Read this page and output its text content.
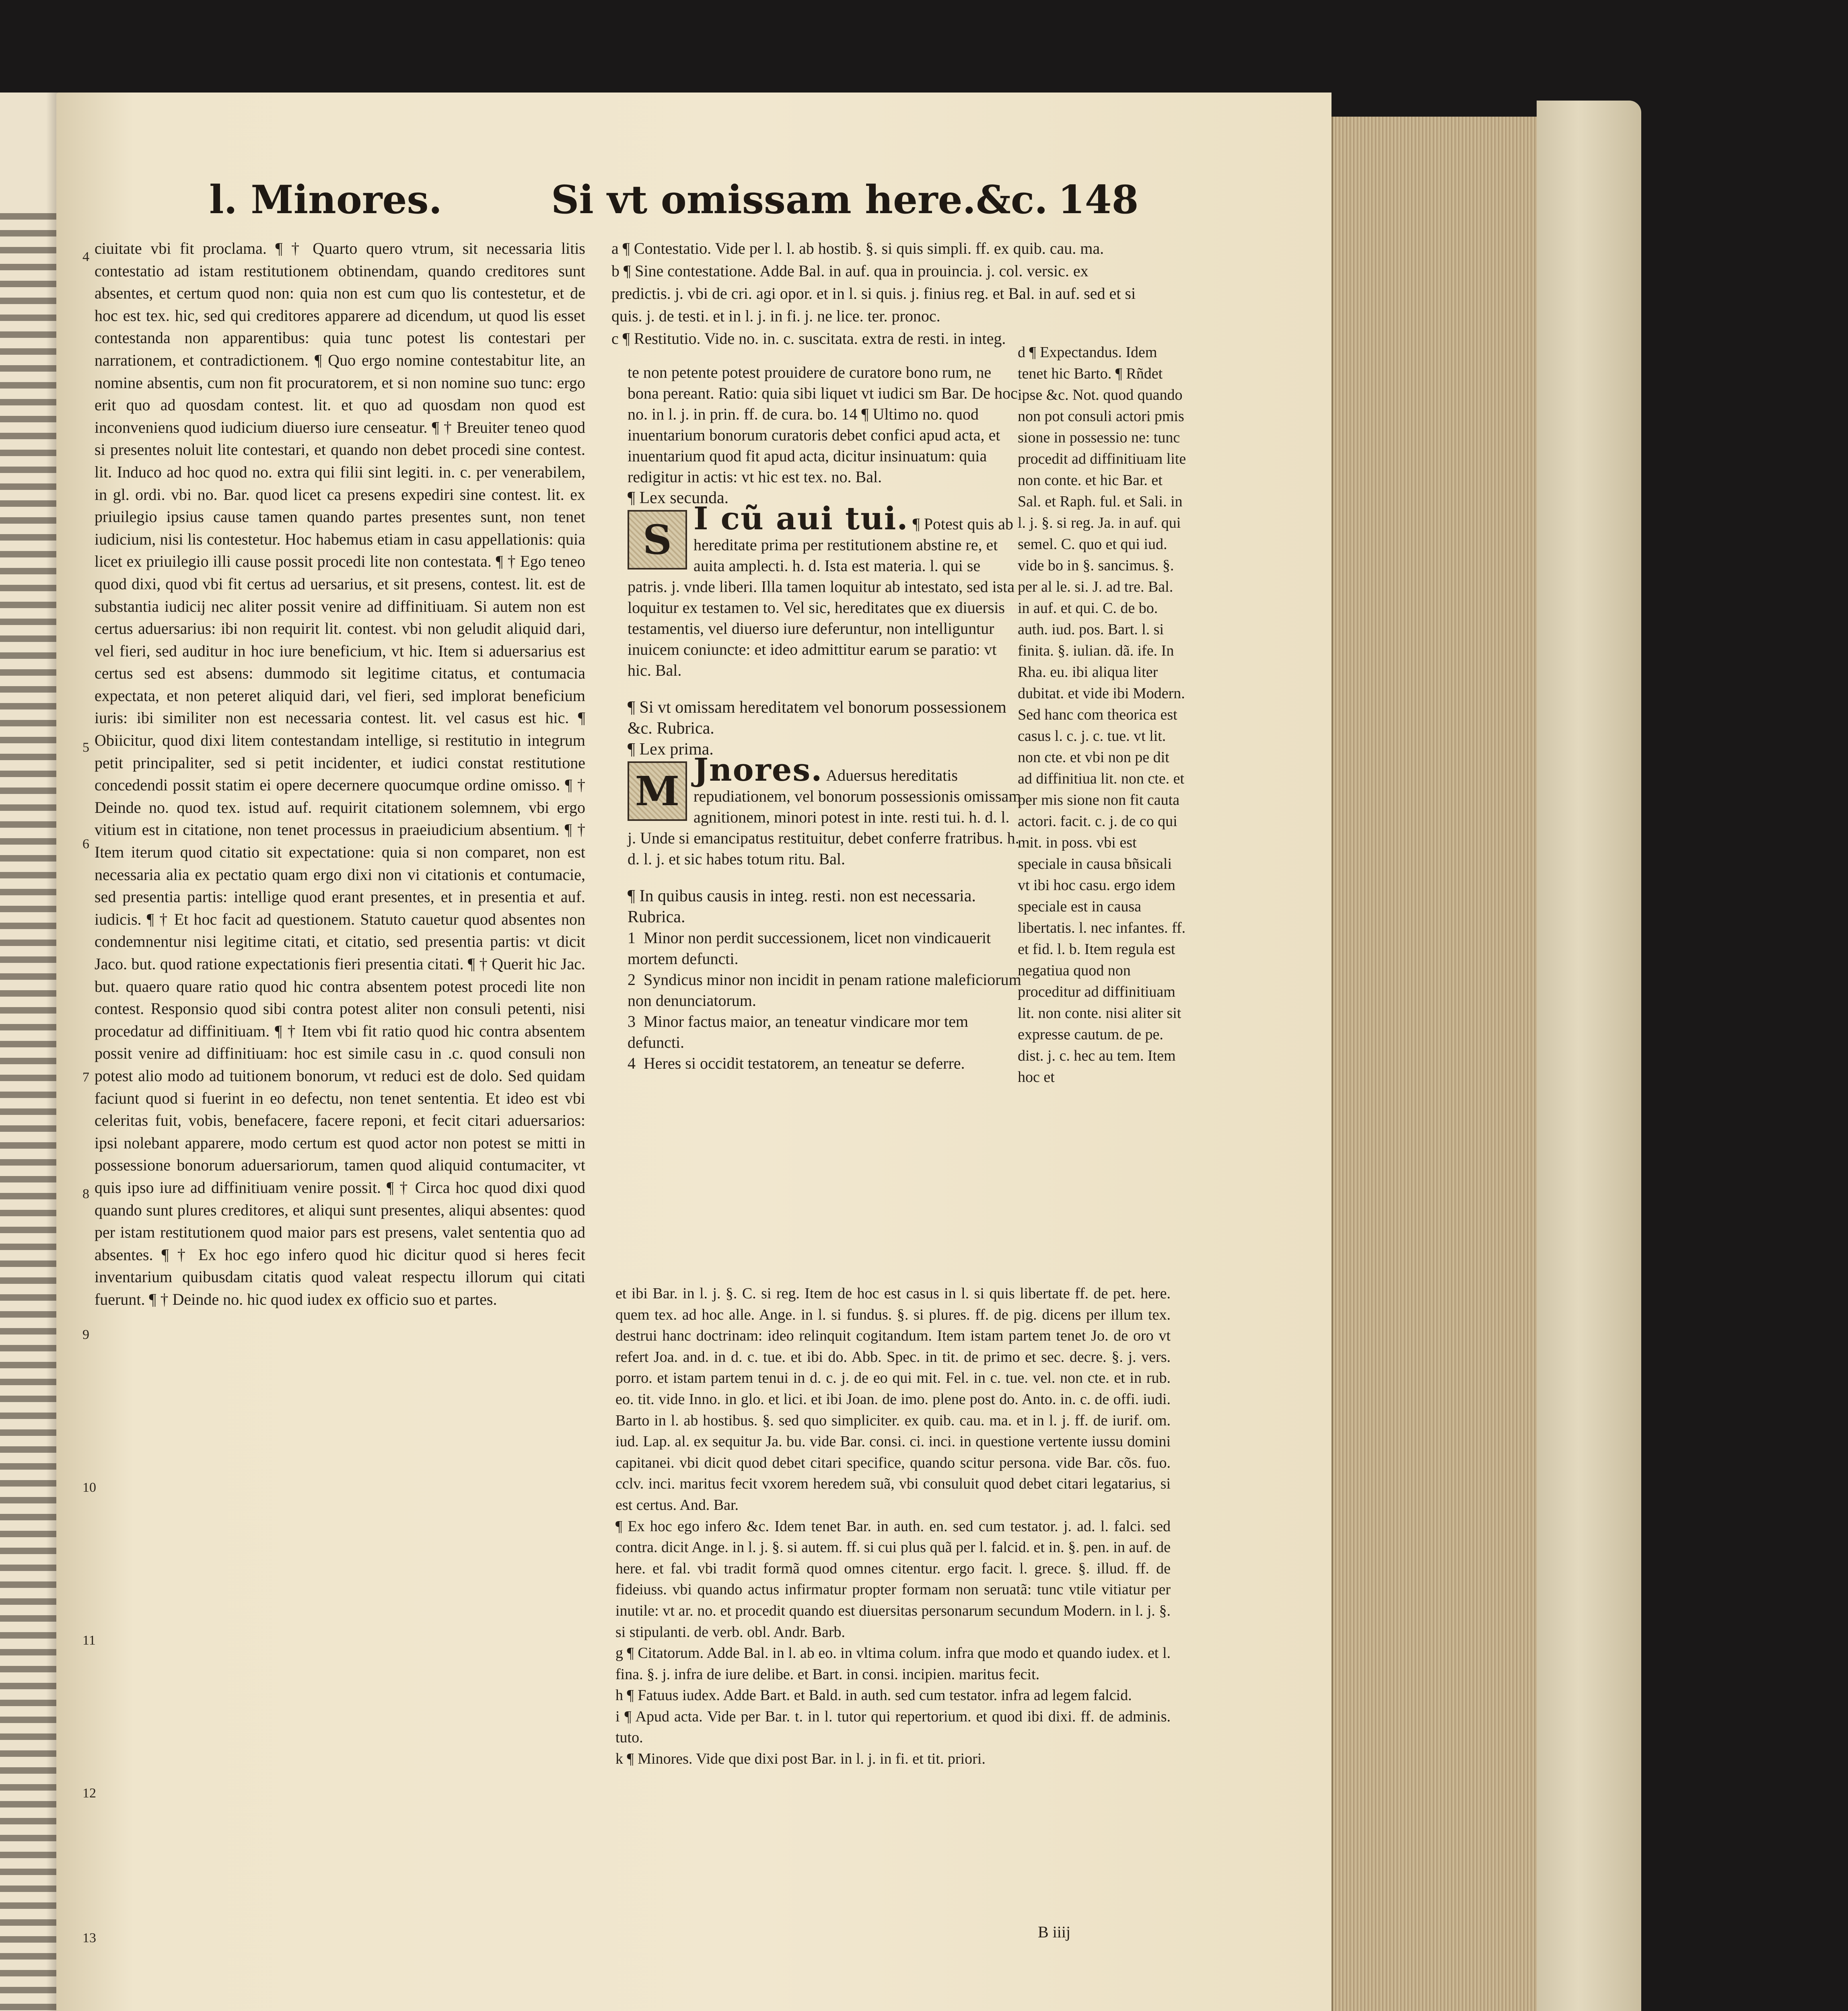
l. Minores.	Si vt omissam here.&c. 148

ciuitate vbi fit proclama. ¶ † Quarto quero vtrum, sit necessaria litis contestatio ad istam restitutionem obtinendam, quando creditores sunt absentes, et certum quod non: quia non est cum quo lis contestetur, et de hoc est tex. hic, sed qui creditores apparere ad dicendum, ut quod lis esset contestanda non apparentibus: quia tunc potest lis contestari per narrationem, et contradictionem. ¶ Quo ergo nomine contestabitur lite, an nomine absentis, cum non fit procuratorem, et si non nomine suo tunc: ergo erit quo ad quosdam contest. lit. et quo ad quosdam non quod est inconveniens quod iudicium diuerso iure censeatur. ¶ † Breuiter teneo quod si presentes noluit lite contestari, et quando non debet procedi sine contest. lit. Induco ad hoc quod no. extra qui filii sint legiti. in. c. per venerabilem, in gl. ordi. vbi no. Bar. quod licet ca presens expediri sine contest. lit. ex priuilegio ipsius cause tamen quando partes presentes sunt, non tenet iudicium, nisi lis contestetur. Hoc habemus etiam in casu appellationis: quia licet ex priuilegio illi cause possit procedi lite non contestata. ¶ † Ego teneo quod dixi, quod vbi fit certus ad uersarius, et sit presens, contest. lit. est de substantia iudicij nec aliter possit venire ad diffinitiuam. Si autem non est certus aduersarius: ibi non requirit lit. contest. vbi non geludit aliquid dari, vel fieri, sed auditur in hoc iure beneficium, vt hic. Item si aduersarius est certus sed est absens: dummodo sit legitime citatus, et contumacia expectata, et non peteret aliquid dari, vel fieri, sed implorat beneficium iuris: ibi similiter non est necessaria contest. lit. vel casus est hic. ¶ Obiicitur, quod dixi litem contestandam intellige, si restitutio in integrum petit principaliter, sed si petit incidenter, et iudici constat restitutione concedendi possit statim ei opere decernere quocumque ordine omisso. ¶ † Deinde no. quod tex. istud auf. requirit citationem solemnem, vbi ergo vitium est in citatione, non tenet processus in praeiudicium absentium. ¶ † Item iterum quod citatio sit expectatione: quia si non comparet, non est necessaria alia ex pectatio quam ergo dixi non vi citationis et contumacie, sed presentia partis: intellige quod erant presentes, et in presentia et auf. iudicis. ¶ † Et hoc facit ad questionem. Statuto cauetur quod absentes non condemnentur nisi legitime citati, et citatio, sed presentia partis: vt dicit Jaco. but. quod ratione expectationis fieri presentia citati. ¶ † Querit hic Jac. but. quaero quare ratio quod hic contra absentem potest procedi lite non contest. Responsio quod sibi contra potest aliter non consuli petenti, nisi procedatur ad diffinitiuam. ¶ † Item vbi fit ratio quod hic contra absentem possit venire ad diffinitiuam: hoc est simile casu in .c. quod consuli non potest alio modo ad tuitionem bonorum, vt reduci est de dolo. Sed quidam faciunt quod si fuerint in eo defectu, non tenet sententia. Et ideo est vbi celeritas fuit, vobis, benefacere, facere reponi, et fecit citari aduersarios: ipsi nolebant apparere, modo certum est quod actor non potest se mitti in possessione bonorum aduersariorum, tamen quod aliquid contumaciter, vt quis ipso iure ad diffinitiuam venire possit. ¶ † Circa hoc quod dixi quod quando sunt plures creditores, et aliqui sunt presentes, aliqui absentes: quod per istam restitutionem quod maior pars est presens, valet sententia quo ad absentes. ¶ † Ex hoc ego infero quod hic dicitur quod si heres fecit inventarium quibusdam citatis quod valeat respectu illorum qui citati fuerunt. ¶ † Deinde no. hic quod iudex ex officio suo et partes.

4
5
6
7
8
9
10
11
12
13

a ¶ Contestatio. Vide per l. l. ab hostib. §. si quis simpli. ff. ex quib. cau. ma.

b ¶ Sine contestatione. Adde Bal. in auf. qua in prouincia. j. col. versic. ex predictis. j. vbi de cri. agi opor. et in l. si quis. j. finius reg. et Bal. in auf. sed et si quis. j. de testi. et in l. j. in fi. j. ne lice. ter. pronoc.

c ¶ Restitutio. Vide no. in. c. suscitata. extra de resti. in integ.

te non petente potest prouidere de curatore bono rum, ne bona pereant. Ratio: quia sibi liquet vt iudici sm Bar. De hoc no. in l. j. in prin. ff. de cura. bo. 14 ¶ Ultimo no. quod inuentarium bonorum curatoris debet confici apud acta, et inuentarium quod fit apud acta, dicitur insinuatum: quia redigitur in actis: vt hic est tex. no. Bal.

¶ Lex secunda.

S I cũ aui tui. ¶ Potest quis ab hereditate prima per restitutionem abstine re, et auita amplecti. h. d. Ista est materia. l. qui se patris. j. vnde liberi. Illa tamen loquitur ab intestato, sed ista loquitur ex testamen to. Vel sic, hereditates que ex diuersis testamentis, vel diuerso iure deferuntur, non intelliguntur inuicem coniuncte: et ideo admittitur earum se paratio: vt hic. Bal.

¶ Si vt omissam hereditatem vel bonorum possessionem &c. Rubrica.

¶ Lex prima.

M Jnores. Aduersus hereditatis repudiationem, vel bonorum possessionis omissam agnitionem, minori potest in inte. resti tui. h. d. l. j. Unde si emancipatus restituitur, debet conferre fratribus. h. d. l. j. et sic habes totum ritu. Bal.

¶ In quibus causis in integ. resti. non est necessaria. Rubrica.

1 Minor non perdit successionem, licet non vindicauerit mortem defuncti.

2 Syndicus minor non incidit in penam ratione maleficiorum non denunciatorum.

3 Minor factus maior, an teneatur vindicare mor tem defuncti.

4 Heres si occidit testatorem, an teneatur se deferre.

d ¶ Expectandus. Idem tenet hic Barto. ¶ Rñdet ipse &c. Not. quod quando non pot consuli actori pmis sione in possessio ne: tunc procedit ad diffinitiuam lite non conte. et hic Bar. et Sal. et Raph. ful. et Sali. in l. j. §. si reg. Ja. in auf. qui semel. C. quo et qui iud. vide bo in §. sancimus. §. per al le. si. J. ad tre. Bal. in auf. et qui. C. de bo. auth. iud. pos. Bart. l. si finita. §. iulian. dã. ife. In Rha. eu. ibi aliqua liter dubitat. et vide ibi Modern. Sed hanc com theorica est casus l. c. j. c. tue. vt lit. non cte. et vbi non pe dit ad diffinitiua lit. non cte. et per mis sione non fit cauta actori. facit. c. j. de co qui mit. in poss. vbi est speciale in causa bñsicali vt ibi hoc casu. ergo idem speciale est in causa libertatis. l. nec infantes. ff. et fid. l. b. Item regula est negatiua quod non proceditur ad diffinitiuam lit. non conte. nisi aliter sit expresse cautum. de pe. dist. j. c. hec au tem. Item hoc et

et ibi Bar. in l. j. §. C. si reg. Item de hoc est casus in l. si quis libertate ff. de pet. here. quem tex. ad hoc alle. Ange. in l. si fundus. §. si plures. ff. de pig. dicens per illum tex. destrui hanc doctrinam: ideo relinquit cogitandum. Item istam partem tenet Jo. de oro vt refert Joa. and. in d. c. tue. et ibi do. Abb. Spec. in tit. de primo et sec. decre. §. j. vers. porro. et istam partem tenui in d. c. j. de eo qui mit. Fel. in c. tue. vel. non cte. et in rub. eo. tit. vide Inno. in glo. et lici. et ibi Joan. de imo. plene post do. Anto. in. c. de offi. iudi. Barto in l. ab hostibus. §. sed quo simpliciter. ex quib. cau. ma. et in l. j. ff. de iurif. om. iud. Lap. al. ex sequitur Ja. bu. vide Bar. consi. ci. inci. in questione vertente iussu domini capitanei. vbi dicit quod debet citari specifice, quando scitur persona. vide Bar. cõs. fuo. cclv. inci. maritus fecit vxorem heredem suã, vbi consuluit quod debet citari legatarius, si est certus. And. Bar.

¶ Ex hoc ego infero &c. Idem tenet Bar. in auth. en. sed cum testator. j. ad. l. falci. sed contra. dicit Ange. in l. j. §. si autem. ff. si cui plus quã per l. falcid. et in. §. pen. in auf. de here. et fal. vbi tradit formã quod omnes citentur. ergo facit. l. grece. §. illud. ff. de fideiuss. vbi quando actus infirmatur propter formam non seruatã: tunc vtile vitiatur per inutile: vt ar. no. et procedit quando est diuersitas personarum secundum Modern. in l. j. §. si stipulanti. de verb. obl. Andr. Barb.

g ¶ Citatorum. Adde Bal. in l. ab eo. in vltima colum. infra que modo et quando iudex. et l. fina. §. j. infra de iure delibe. et Bart. in consi. incipien. maritus fecit.

h ¶ Fatuus iudex. Adde Bart. et Bald. in auth. sed cum testator. infra ad legem falcid.

i ¶ Apud acta. Vide per Bar. t. in l. tutor qui repertorium. et quod ibi dixi. ff. de adminis. tuto.

k ¶ Minores. Vide que dixi post Bar. in l. j. in fi. et tit. priori.

B iiij
